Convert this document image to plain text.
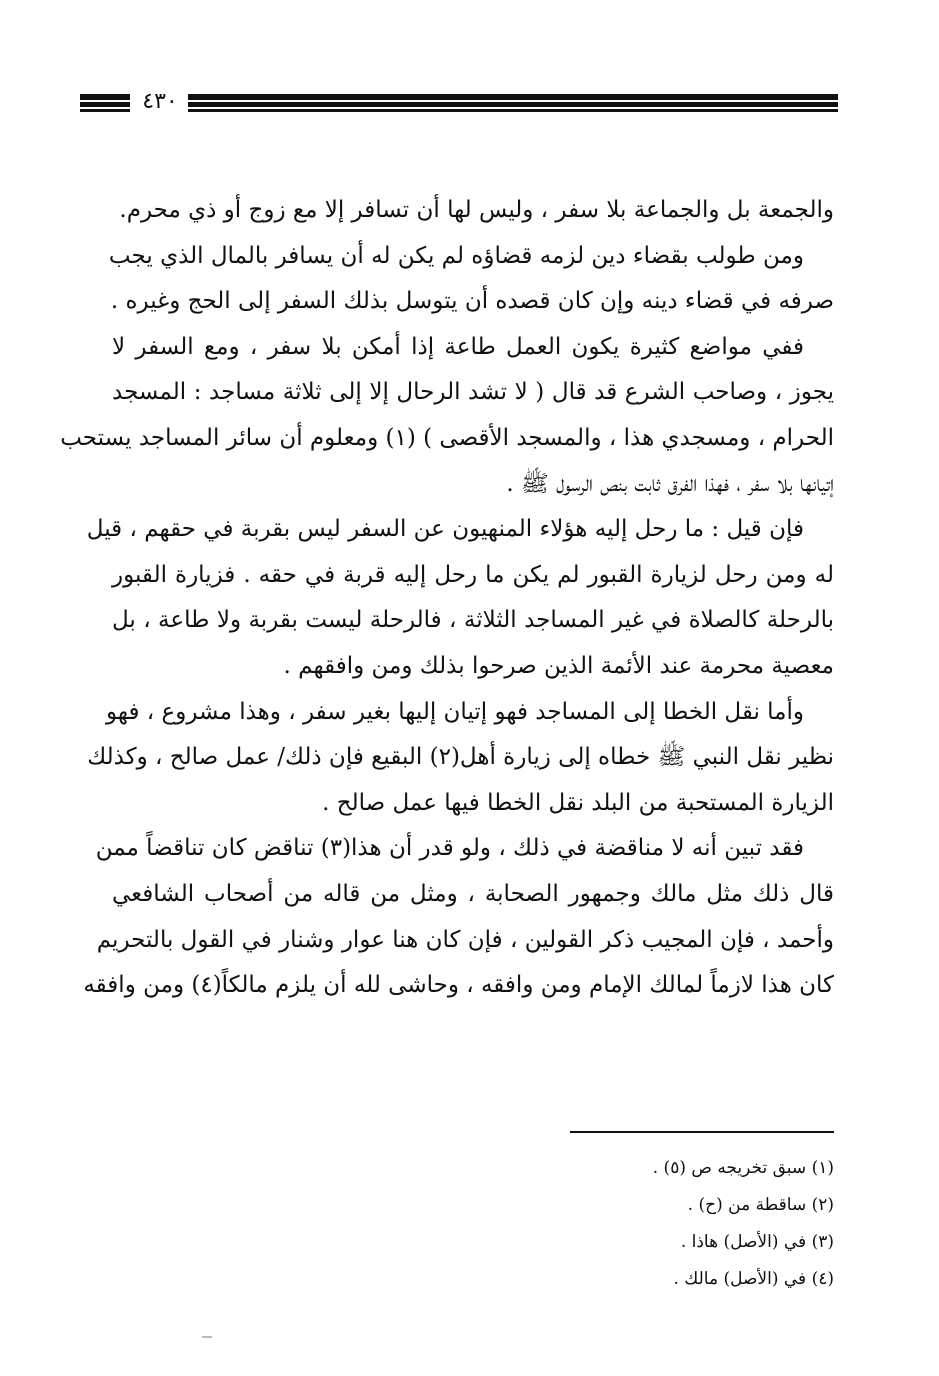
٤٣٠
والجمعة بل والجماعة بلا سفر ، وليس لها أن تسافر إلا مع زوج أو ذي محرم.
ومن طولب بقضاء دين لزمه قضاؤه لم يكن له أن يسافر بالمال الذي يجب
صرفه في قضاء دينه وإن كان قصده أن يتوسل بذلك السفر إلى الحج وغيره .
ففي مواضع كثيرة يكون العمل طاعة إذا أمكن بلا سفر ، ومع السفر لا
يجوز ، وصاحب الشرع قد قال ( لا تشد الرحال إلا إلى ثلاثة مساجد : المسجد
الحرام ، ومسجدي هذا ، والمسجد الأقصى ) (١) ومعلوم أن سائر المساجد يستحب
إتيانها بلا سفر ، فهذا الفرق ثابت بنص الرسول ﷺ .
فإن قيل : ما رحل إليه هؤلاء المنهيون عن السفر ليس بقربة في حقهم ، قيل
له ومن رحل لزيارة القبور لم يكن ما رحل إليه قربة في حقه . فزيارة القبور
بالرحلة كالصلاة في غير المساجد الثلاثة ، فالرحلة ليست بقربة ولا طاعة ، بل
معصية محرمة عند الأئمة الذين صرحوا بذلك ومن وافقهم .
وأما نقل الخطا إلى المساجد فهو إتيان إليها بغير سفر ، وهذا مشروع ، فهو
نظير نقل النبي ﷺ خطاه إلى زيارة أهل(٢) البقيع فإن ذلك/ عمل صالح ، وكذلك
الزيارة المستحبة من البلد نقل الخطا فيها عمل صالح .
فقد تبين أنه لا مناقضة في ذلك ، ولو قدر أن هذا(٣) تناقض كان تناقضاً ممن
قال ذلك مثل مالك وجمهور الصحابة ، ومثل من قاله من أصحاب الشافعي
وأحمد ، فإن المجيب ذكر القولين ، فإن كان هنا عوار وشنار في القول بالتحريم
كان هذا لازماً لمالك الإمام ومن وافقه ، وحاشى لله أن يلزم مالكاً(٤) ومن وافقه
(١) سبق تخريجه ص (٥) .
(٢) ساقطة من (ح) .
(٣) في (الأصل) هاذا .
(٤) في (الأصل) مالك .
